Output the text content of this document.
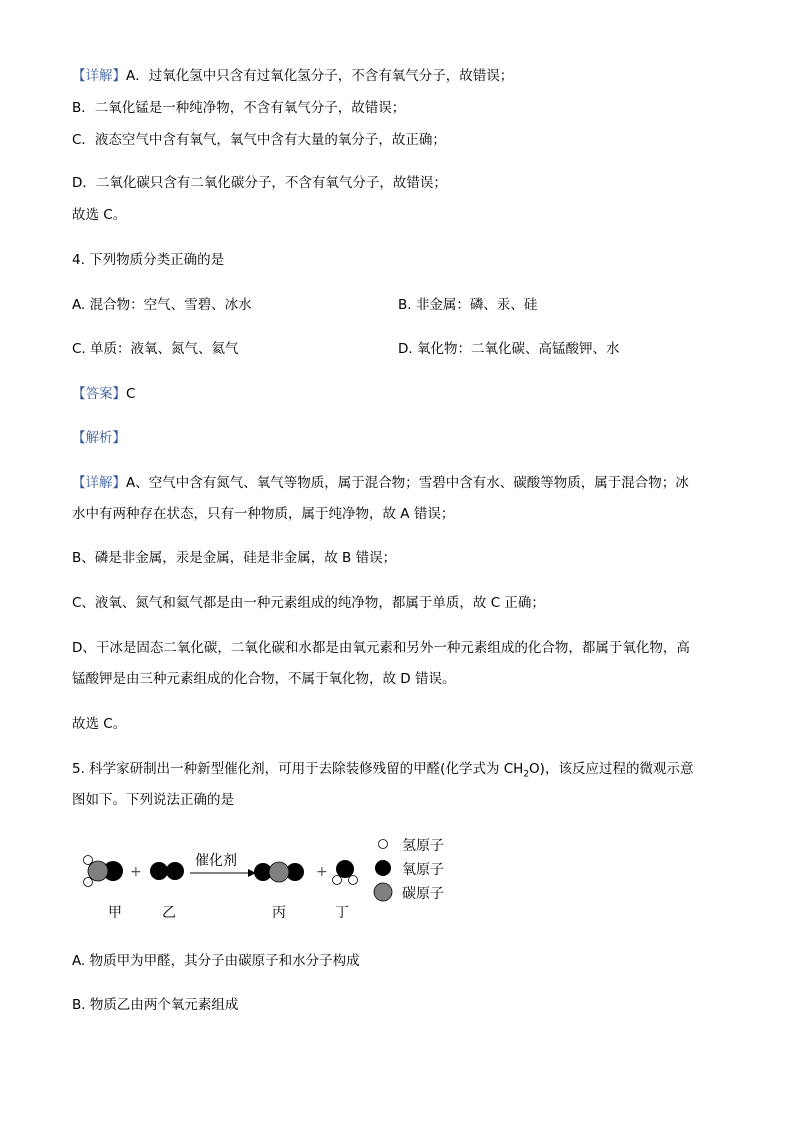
【详解】A．过氧化氢中只含有过氧化氢分子，不含有氧气分子，故错误；
B．二氧化锰是一种纯净物，不含有氧气分子，故错误；
C．液态空气中含有氧气，氧气中含有大量的氧分子，故正确；
D．二氧化碳只含有二氧化碳分子，不含有氧气分子，故错误；
故选 C。
4. 下列物质分类正确的是
A. 混合物：空气、雪碧、冰水	B. 非金属：磷、汞、硅
C. 单质：液氧、氮气、氦气	D. 氧化物：二氧化碳、高锰酸钾、水
【答案】C
【解析】
【详解】A、空气中含有氮气、氧气等物质，属于混合物；雪碧中含有水、碳酸等物质，属于混合物；冰
水中有两种存在状态，只有一种物质，属于纯净物，故 A 错误；
B、磷是非金属，汞是金属，硅是非金属，故 B 错误；
C、液氧、氮气和氦气都是由一种元素组成的纯净物，都属于单质，故 C 正确；
D、干冰是固态二氧化碳，二氧化碳和水都是由氧元素和另外一种元素组成的化合物，都属于氧化物，高
锰酸钾是由三种元素组成的化合物，不属于氧化物，故 D 错误。
故选 C。
5. 科学家研制出一种新型催化剂，可用于去除装修残留的甲醛(化学式为 $CH_2O$)，该反应过程的微观示意
图如下。下列说法正确的是
催化剂
+	+
甲	乙	丙	丁
氢原子
氧原子
碳原子
A. 物质甲为甲醛，其分子由碳原子和水分子构成
B. 物质乙由两个氧元素组成
